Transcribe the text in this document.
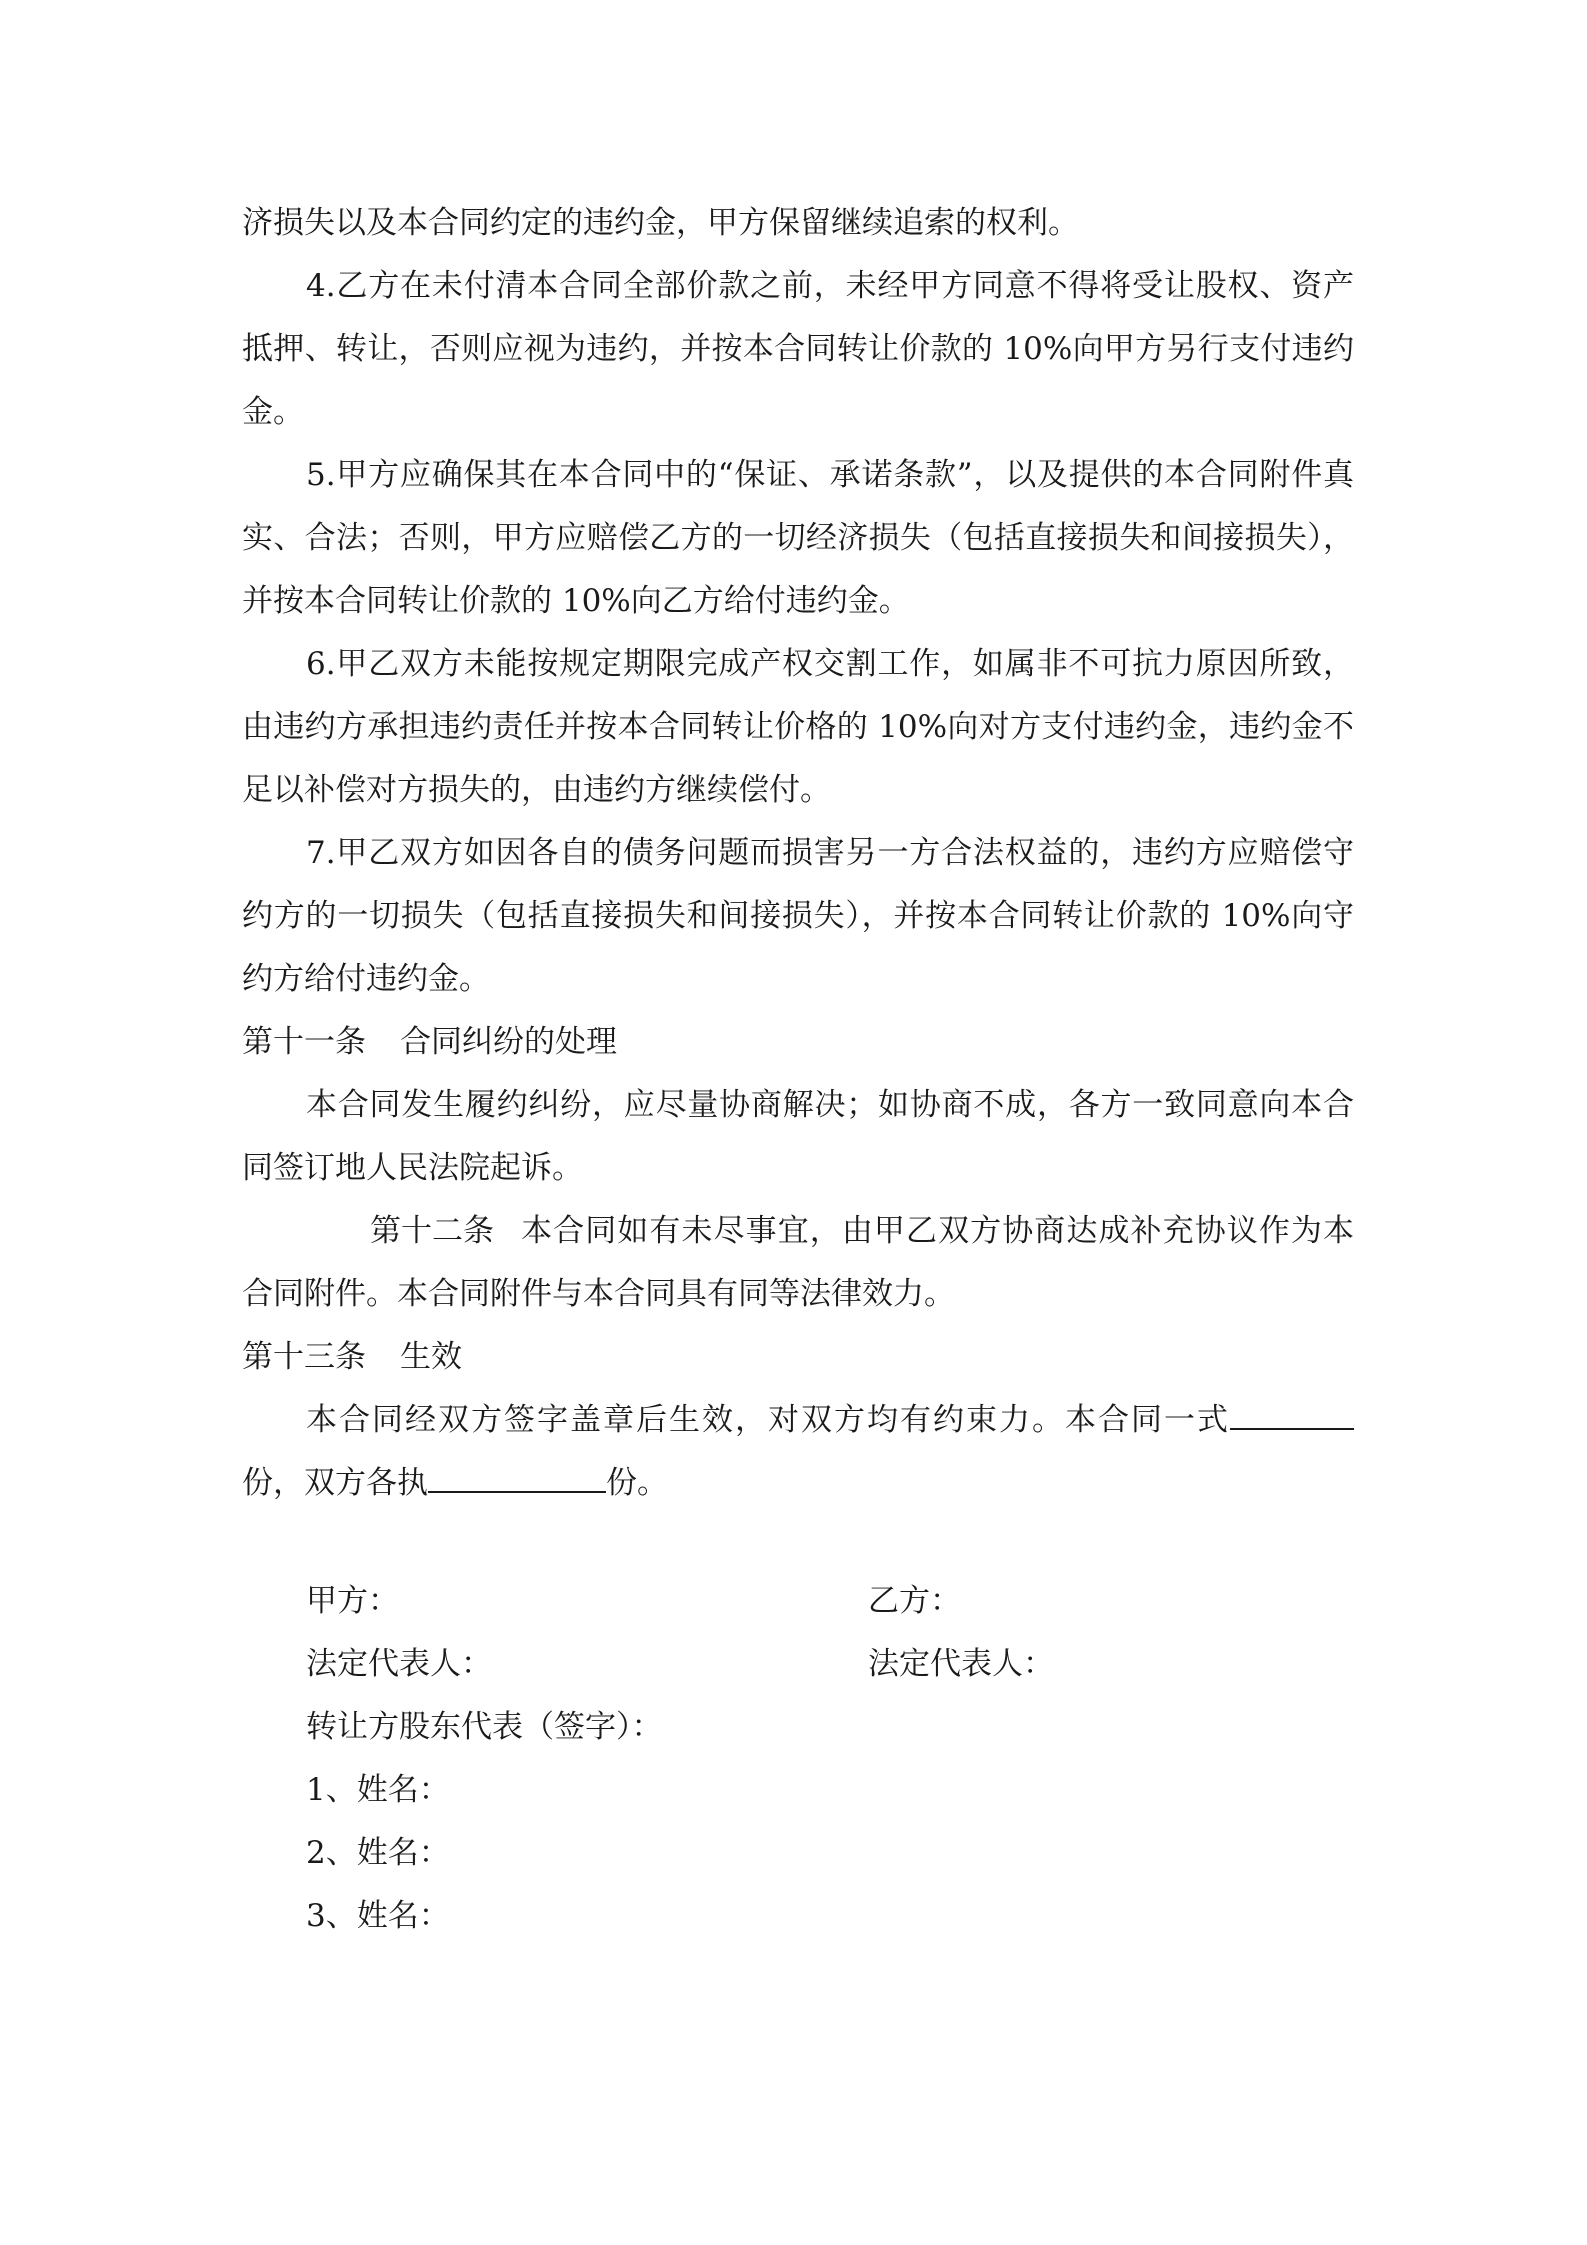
济损失以及本合同约定的违约金，甲方保留继续追索的权利。

4.乙方在未付清本合同全部价款之前，未经甲方同意不得将受让股权、资产抵押、转让，否则应视为违约，并按本合同转让价款的 10%向甲方另行支付违约金。

5.甲方应确保其在本合同中的“保证、承诺条款”，以及提供的本合同附件真实、合法；否则，甲方应赔偿乙方的一切经济损失（包括直接损失和间接损失），并按本合同转让价款的 10%向乙方给付违约金。

6.甲乙双方未能按规定期限完成产权交割工作，如属非不可抗力原因所致，由违约方承担违约责任并按本合同转让价格的 10%向对方支付违约金，违约金不足以补偿对方损失的，由违约方继续偿付。

7.甲乙双方如因各自的债务问题而损害另一方合法权益的，违约方应赔偿守约方的一切损失（包括直接损失和间接损失），并按本合同转让价款的 10%向守约方给付违约金。

第十一条 合同纠纷的处理

本合同发生履约纠纷，应尽量协商解决；如协商不成，各方一致同意向本合同签订地人民法院起诉。

第十二条 本合同如有未尽事宜，由甲乙双方协商达成补充协议作为本合同附件。本合同附件与本合同具有同等法律效力。

第十三条 生效

本合同经双方签字盖章后生效，对双方均有约束力。本合同一式份，双方各执	份。

甲方：	乙方：
法定代表人：	法定代表人：
转让方股东代表（签字）：
1、姓名：
2、姓名：
3、姓名：
